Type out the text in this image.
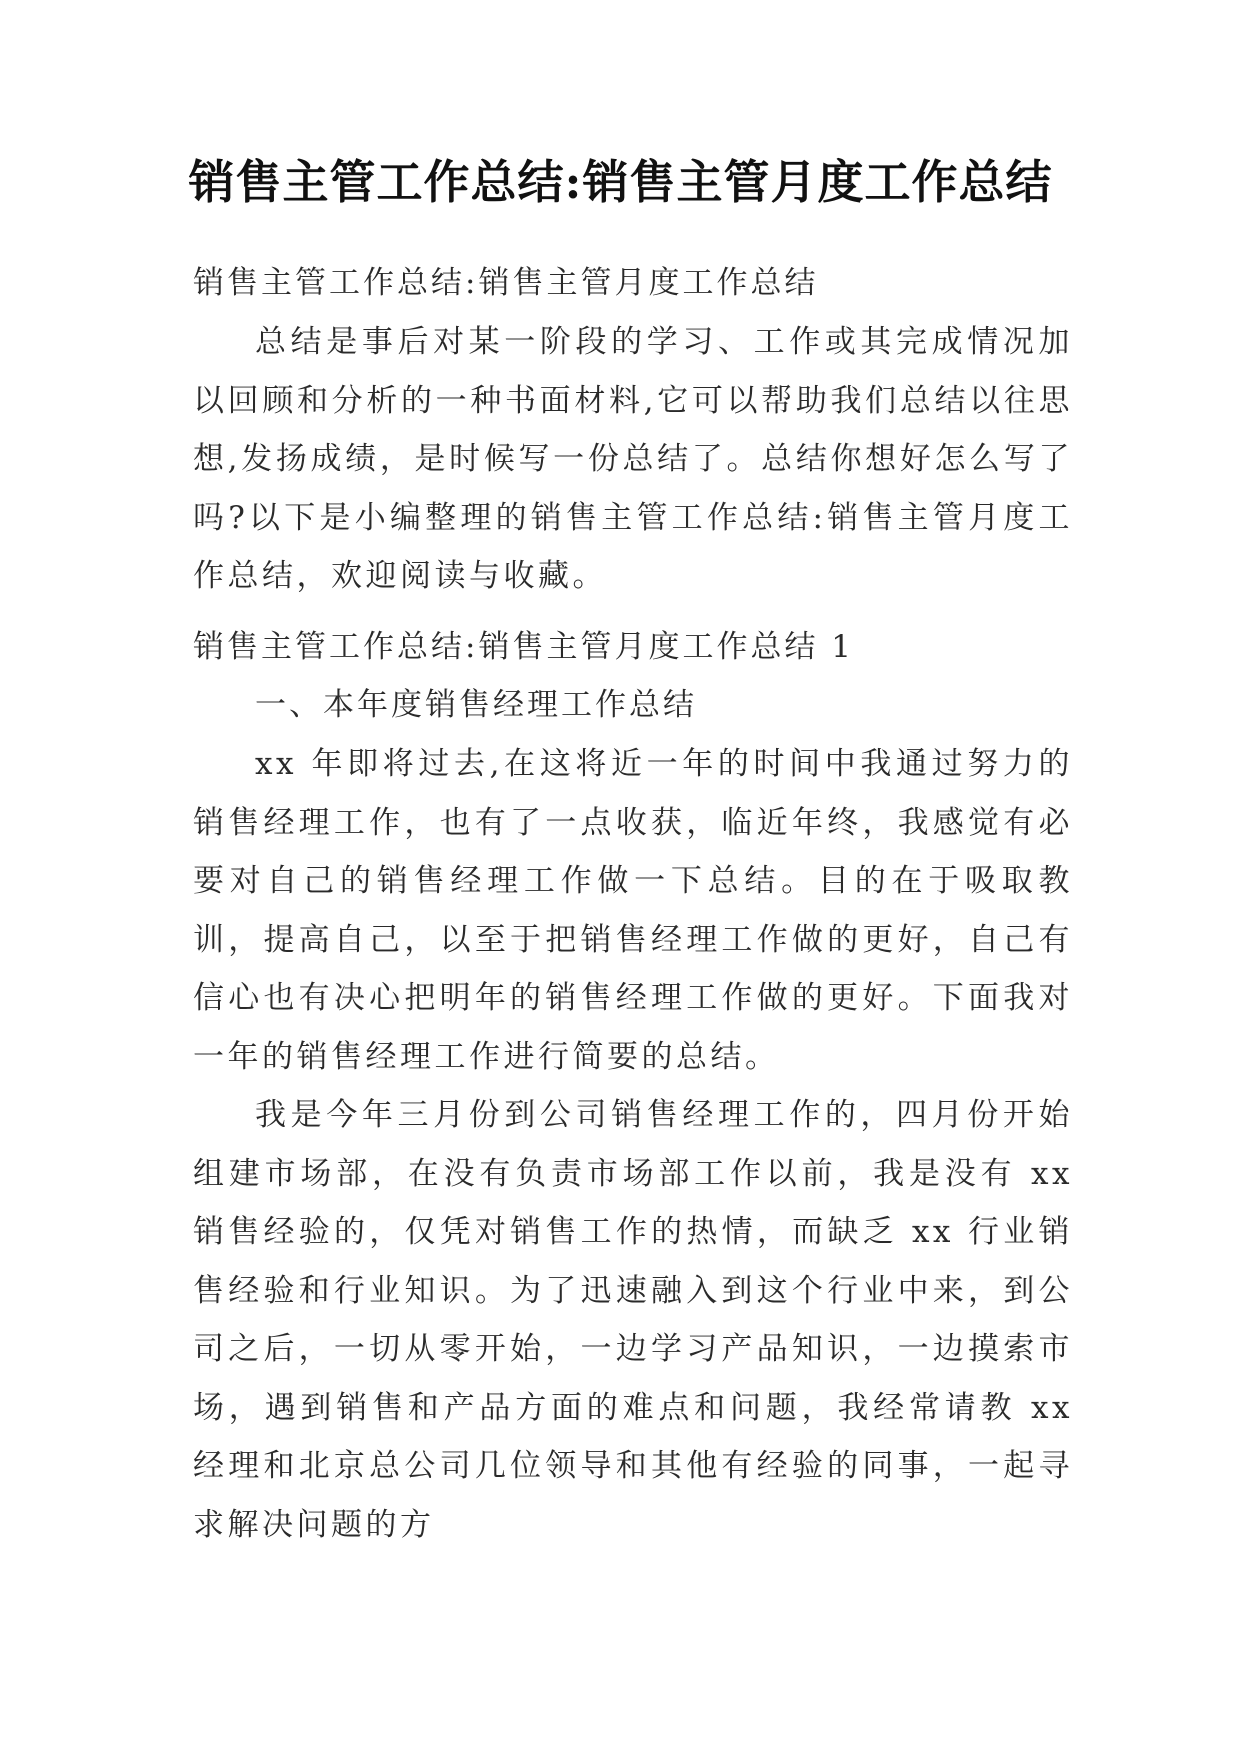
销售主管工作总结:销售主管月度工作总结
销售主管工作总结:销售主管月度工作总结

总结是事后对某一阶段的学习、工作或其完成情况加以回顾和分析的一种书面材料,它可以帮助我们总结以往思想,发扬成绩，是时候写一份总结了。总结你想好怎么写了吗?以下是小编整理的销售主管工作总结:销售主管月度工作总结，欢迎阅读与收藏。

销售主管工作总结:销售主管月度工作总结 1
一、本年度销售经理工作总结

xx 年即将过去,在这将近一年的时间中我通过努力的销售经理工作，也有了一点收获，临近年终，我感觉有必要对自己的销售经理工作做一下总结。目的在于吸取教训，提高自己，以至于把销售经理工作做的更好，自己有信心也有决心把明年的销售经理工作做的更好。下面我对一年的销售经理工作进行简要的总结。

我是今年三月份到公司销售经理工作的，四月份开始组建市场部，在没有负责市场部工作以前，我是没有 xx 销售经验的，仅凭对销售工作的热情，而缺乏 xx 行业销售经验和行业知识。为了迅速融入到这个行业中来，到公司之后，一切从零开始，一边学习产品知识，一边摸索市场，遇到销售和产品方面的难点和问题，我经常请教 xx 经理和北京总公司几位领导和其他有经验的同事，一起寻求解决问题的方
